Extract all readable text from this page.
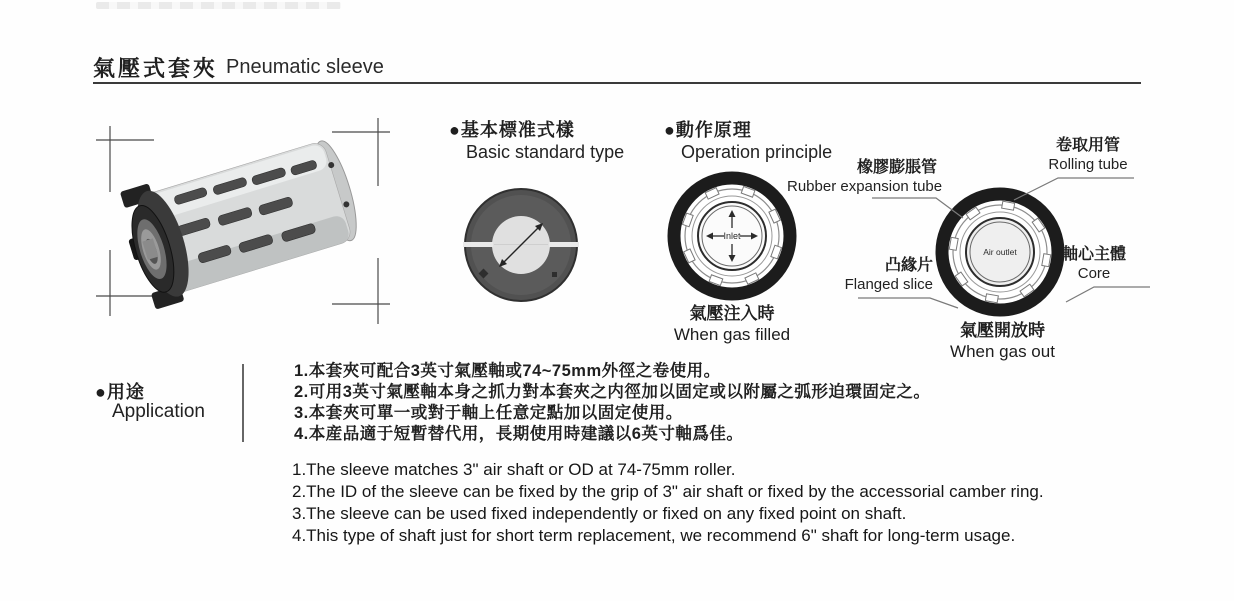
氣壓式套夾 Pneumatic sleeve
●基本標准式樣
Basic standard type
●動作原理
Operation principle
Inlet
Air outlet
橡膠膨脹管
Rubber expansion tube
卷取用管
Rolling tube
凸緣片
Flanged slice
軸心主體
Core
氣壓注入時
When gas filled	氣壓開放時
When gas out
●用途
Application
1.本套夾可配合3英寸氣壓軸或74~75mm外徑之卷使用。
2.可用3英寸氣壓軸本身之抓力對本套夾之内徑加以固定或以附屬之弧形迫環固定之。
3.本套夾可單一或對于軸上任意定點加以固定使用。
4.本産品適于短暫替代用，長期使用時建議以6英寸軸爲佳。
1.The sleeve matches 3" air shaft or OD at 74-75mm roller.
2.The ID of the sleeve can be fixed by the grip of 3" air shaft or fixed by the accessorial camber ring.
3.The sleeve can be used fixed independently or fixed on any fixed point on shaft.
4.This type of shaft just for short term replacement, we recommend 6" shaft for long-term usage.
